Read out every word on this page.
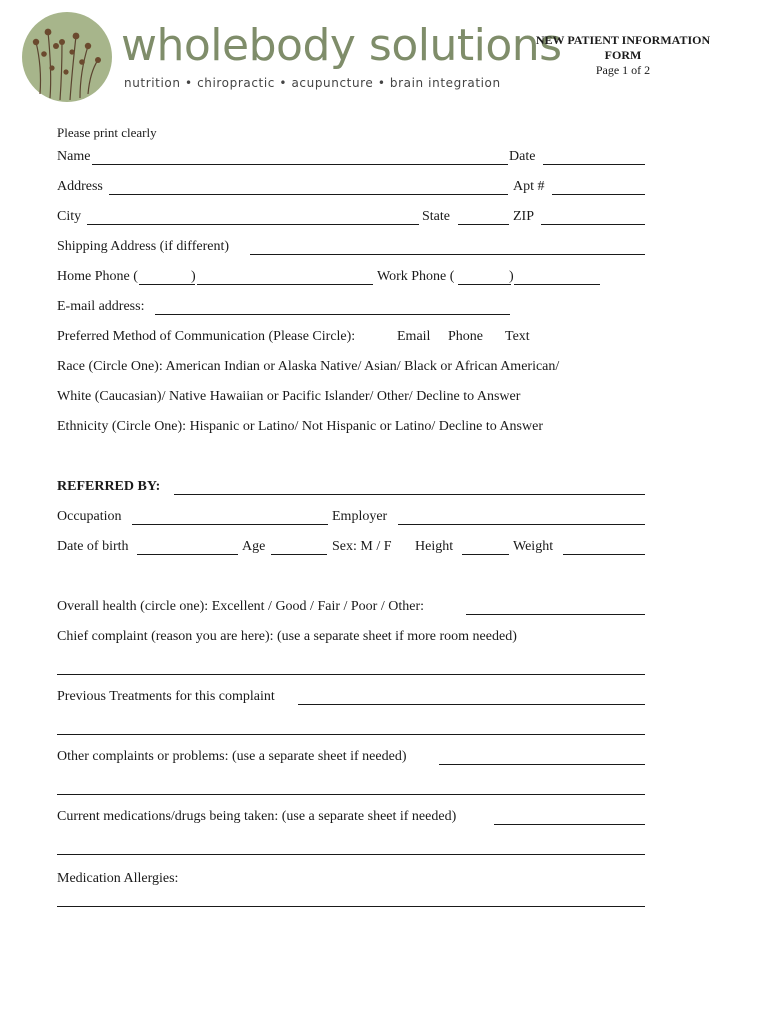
wholebody solutions
nutrition • chiropractic • acupuncture • brain integration
NEW PATIENT INFORMATION
FORM
Page 1 of 2
Please print clearly
Name	Date
Address	Apt #
City	State	ZIP
Shipping Address (if different)
Home Phone (	)	Work Phone (	)
E-mail address:
Preferred Method of Communication (Please Circle):	Email Phone Text
Race (Circle One): American Indian or Alaska Native/ Asian/ Black or African American/
White (Caucasian)/ Native Hawaiian or Pacific Islander/ Other/ Decline to Answer
Ethnicity (Circle One): Hispanic or Latino/ Not Hispanic or Latino/ Decline to Answer
REFERRED BY:
Occupation	Employer
Date of birth	Age	Sex: M / F Height	Weight
Overall health (circle one): Excellent / Good / Fair / Poor / Other:
Chief complaint (reason you are here): (use a separate sheet if more room needed)
Previous Treatments for this complaint
Other complaints or problems: (use a separate sheet if needed)
Current medications/drugs being taken: (use a separate sheet if needed)
Medication Allergies:
